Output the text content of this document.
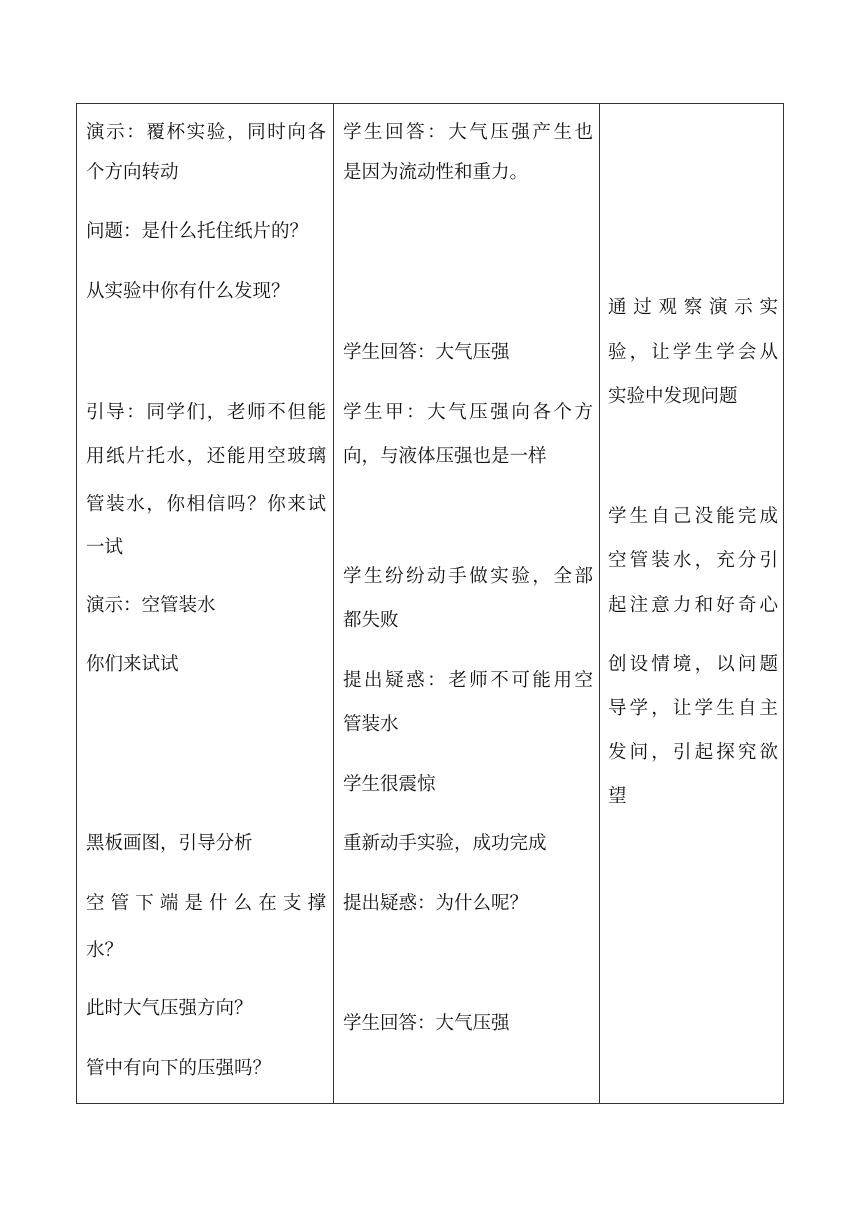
演示：覆杯实验，同时向各
个方向转动
问题：是什么托住纸片的？
从实验中你有什么发现？
引导：同学们，老师不但能
用纸片托水，还能用空玻璃
管装水，你相信吗？你来试
一试
演示：空管装水
你们来试试
黑板画图，引导分析
空管下端是什么在支撑
水？
此时大气压强方向？
管中有向下的压强吗？
学生回答：大气压强产生也
是因为流动性和重力。
学生回答：大气压强
学生甲：大气压强向各个方
向，与液体压强也是一样
学生纷纷动手做实验，全部
都失败
提出疑惑：老师不可能用空
管装水
学生很震惊
重新动手实验，成功完成
提出疑惑：为什么呢？
学生回答：大气压强
通过观察演示实
验，让学生学会从
实验中发现问题
学生自己没能完成
空管装水，充分引
起注意力和好奇心
创设情境，以问题
导学，让学生自主
发问，引起探究欲
望
